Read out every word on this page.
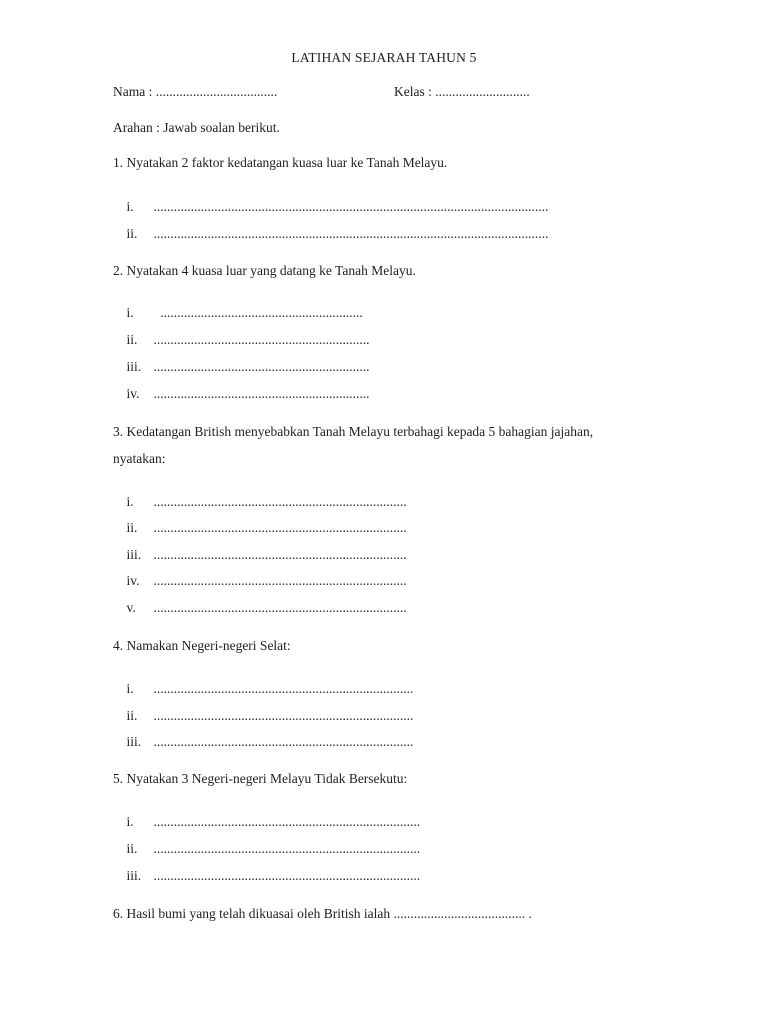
LATIHAN SEJARAH TAHUN 5
Nama : ....................................	Kelas : ............................
Arahan : Jawab soalan berikut.
1. Nyatakan 2 faktor kedatangan kuasa luar ke Tanah Melayu.

i. .....................................................................................................................

ii. .....................................................................................................................

2. Nyatakan 4 kuasa luar yang datang ke Tanah Melayu.

i.  ............................................................

ii. ................................................................

iii. ................................................................

iv. ................................................................

3. Kedatangan British menyebabkan Tanah Melayu terbahagi kepada 5 bahagian jajahan,
nyatakan:

i. ...........................................................................

ii. ...........................................................................

iii. ...........................................................................

iv. ...........................................................................

v. ...........................................................................

4. Namakan Negeri-negeri Selat:

i. .............................................................................

ii. .............................................................................

iii. .............................................................................

5. Nyatakan 3 Negeri-negeri Melayu Tidak Bersekutu:

i. ...............................................................................

ii. ...............................................................................

iii. ...............................................................................

6. Hasil bumi yang telah dikuasai oleh British ialah ....................................... .
